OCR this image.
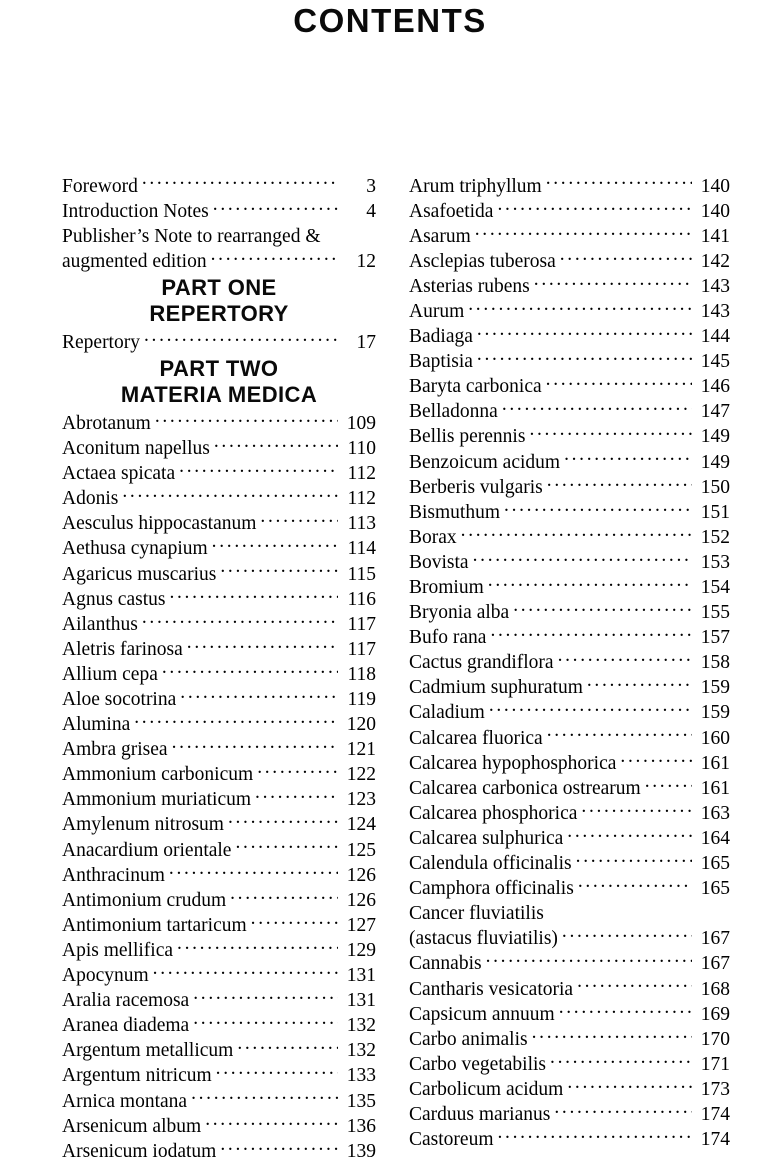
CONTENTS
Foreword . . .	3
Introduction Notes . . .	4
Publisher’s Note to rearranged &
augmented edition . . .	12
PART ONE
REPERTORY
Repertory . . .	17
PART TWO
MATERIA MEDICA
Abrotanum . . .	109
Aconitum napellus . . .	110
Actaea spicata . . .	112
Adonis . . .	112
Aesculus hippocastanum . . .	113
Aethusa cynapium . . .	114
Agaricus muscarius . . .	115
Agnus castus . . .	116
Ailanthus . . .	117
Aletris farinosa . . .	117
Allium cepa . . .	118
Aloe socotrina . . .	119
Alumina . . .	120
Ambra grisea . . .	121
Ammonium carbonicum . . .	122
Ammonium muriaticum . . .	123
Amylenum nitrosum . . .	124
Anacardium orientale . . .	125
Anthracinum . . .	126
Antimonium crudum . . .	126
Antimonium tartaricum . . .	127
Apis mellifica . . .	129
Apocynum . . .	131
Aralia racemosa . . .	131
Aranea diadema . . .	132
Argentum metallicum . . .	132
Argentum nitricum . . .	133
Arnica montana . . .	135
Arsenicum album . . .	136
Arsenicum iodatum . . .	139
Arum triphyllum . . .	140
Asafoetida . . .	140
Asarum . . .	141
Asclepias tuberosa . . .	142
Asterias rubens . . .	143
Aurum . . .	143
Badiaga . . .	144
Baptisia . . .	145
Baryta carbonica . . .	146
Belladonna . . .	147
Bellis perennis . . .	149
Benzoicum acidum . . .	149
Berberis vulgaris . . .	150
Bismuthum . . .	151
Borax . . .	152
Bovista . . .	153
Bromium . . .	154
Bryonia alba . . .	155
Bufo rana . . .	157
Cactus grandiflora . . .	158
Cadmium suphuratum . . .	159
Caladium . . .	159
Calcarea fluorica . . .	160
Calcarea hypophosphorica . . .	161
Calcarea carbonica ostrearum . . .	161
Calcarea phosphorica . . .	163
Calcarea sulphurica . . .	164
Calendula officinalis . . .	165
Camphora officinalis . . .	165
Cancer fluviatilis
(astacus fluviatilis) . . .	167
Cannabis . . .	167
Cantharis vesicatoria . . .	168
Capsicum annuum . . .	169
Carbo animalis . . .	170
Carbo vegetabilis . . .	171
Carbolicum acidum . . .	173
Carduus marianus . . .	174
Castoreum . . .	174
